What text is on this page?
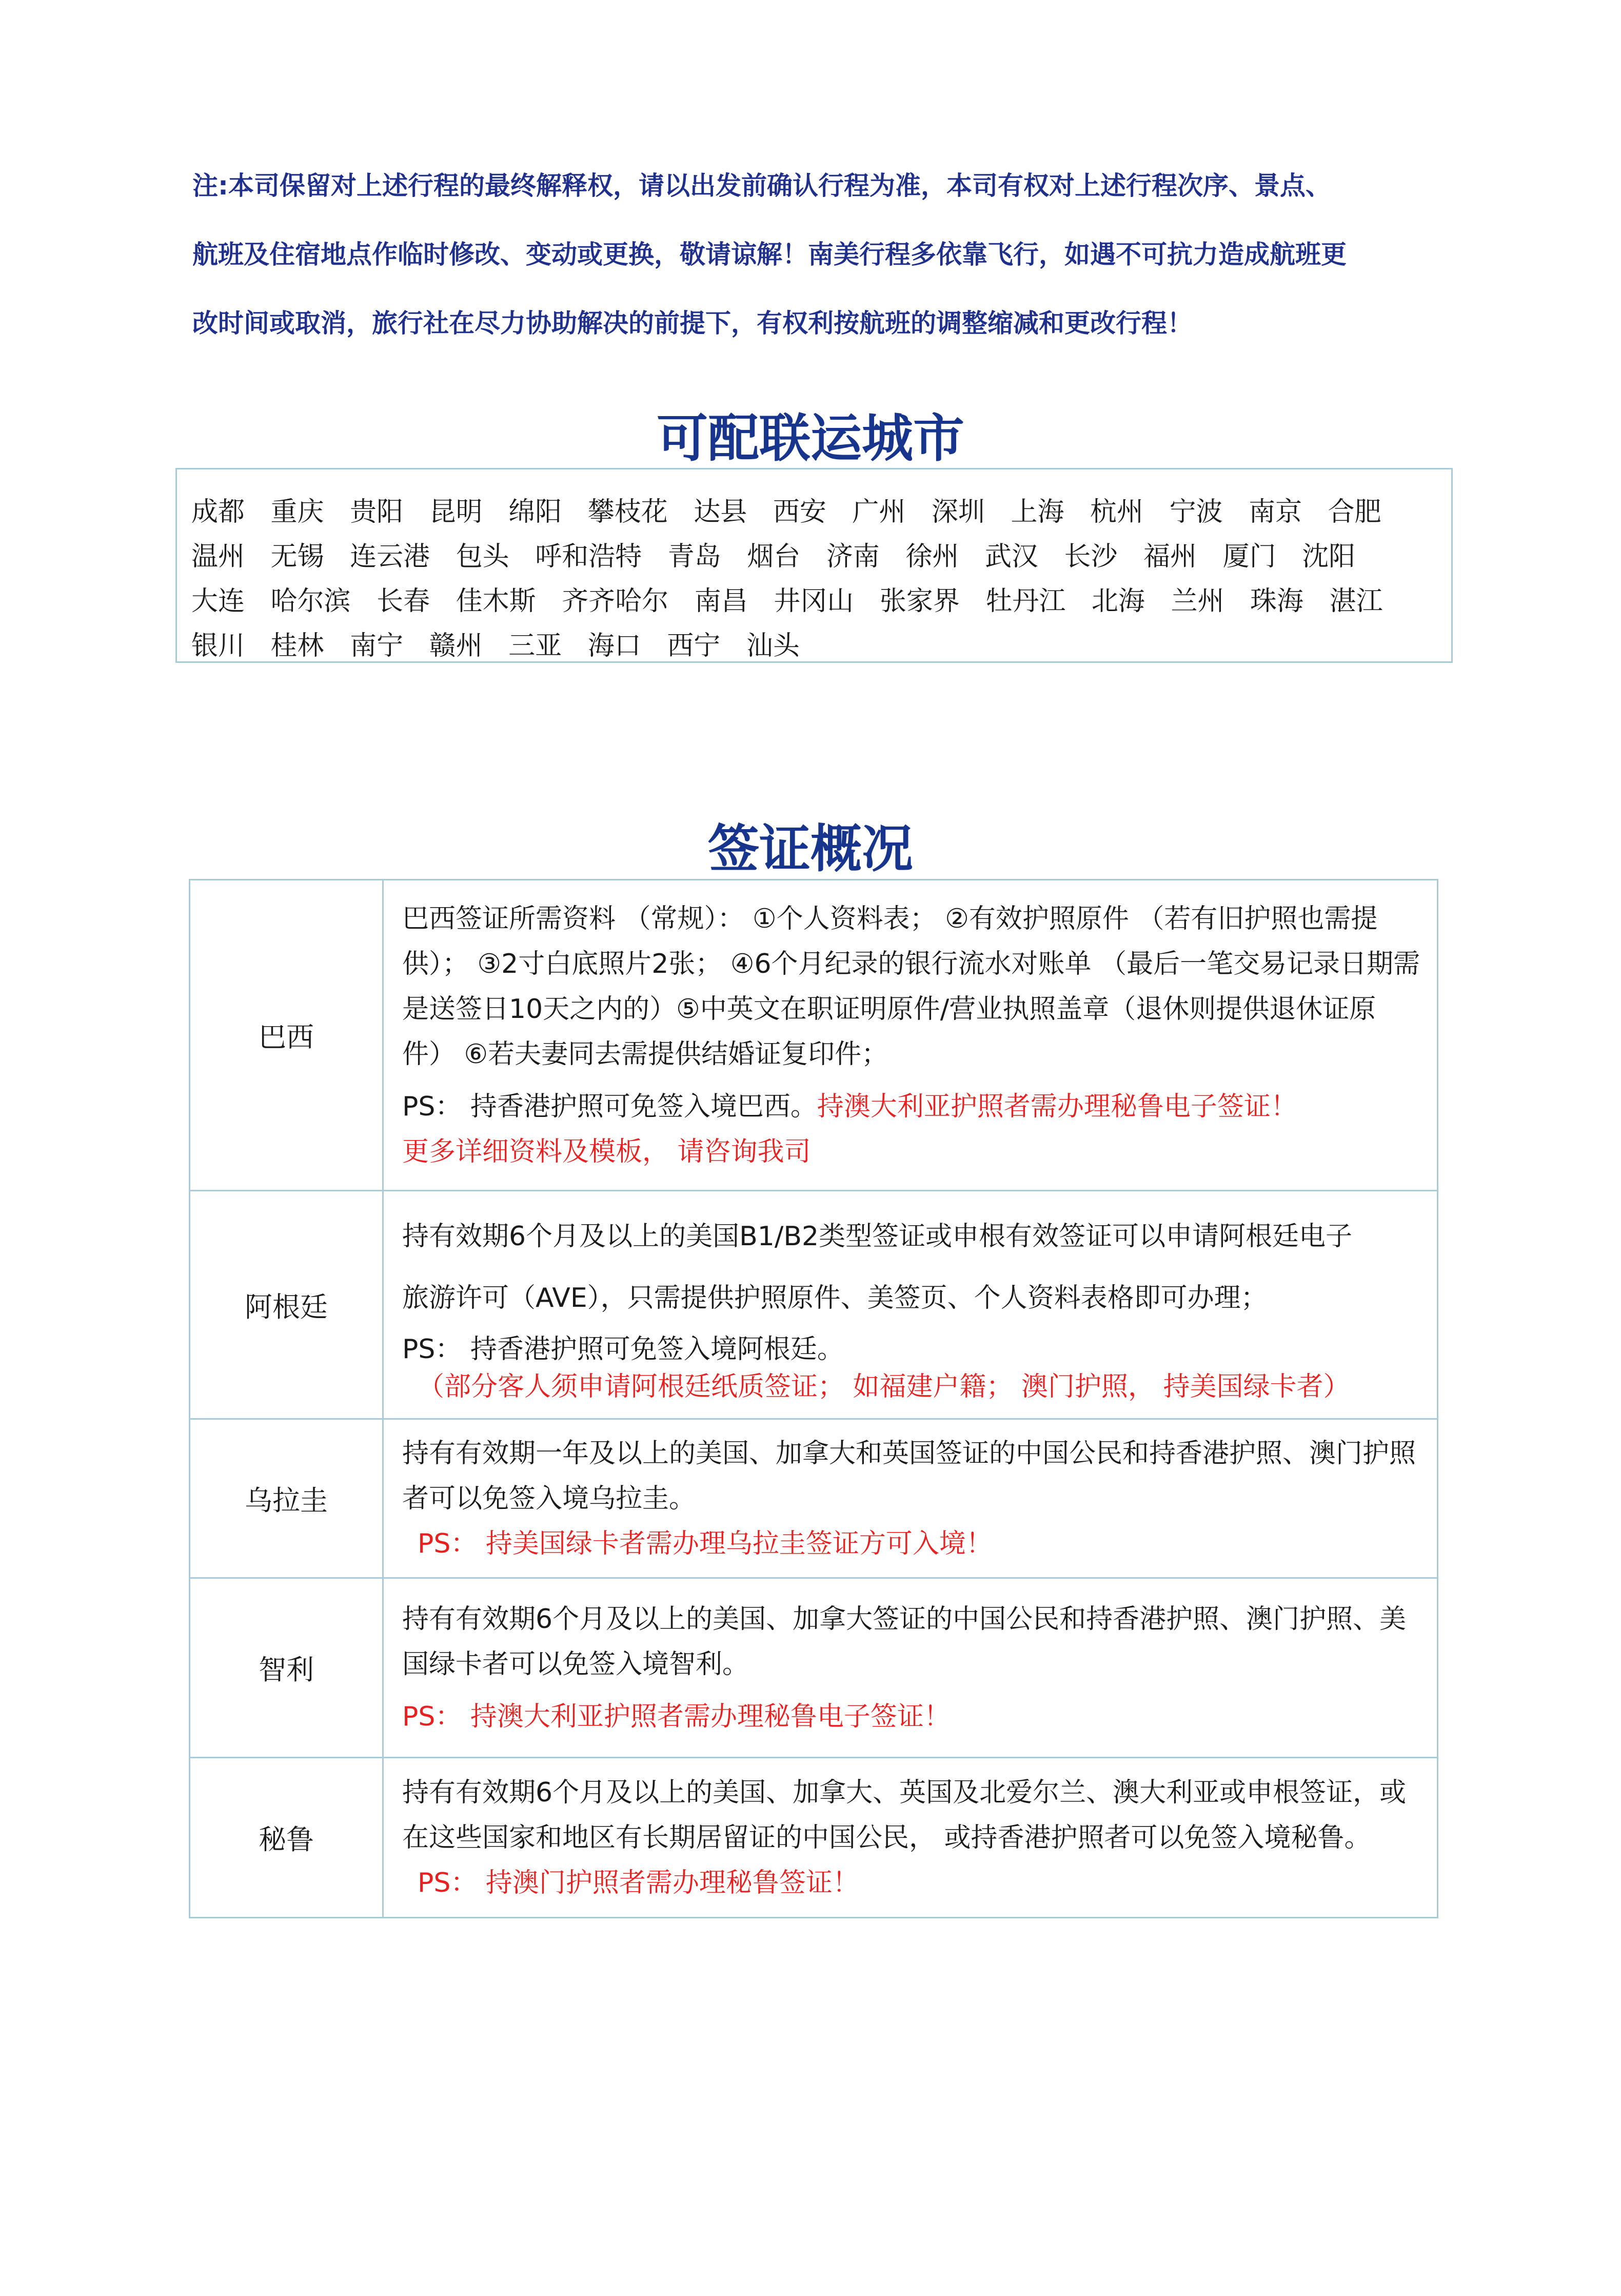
注:本司保留对上述行程的最终解释权，请以出发前确认行程为准，本司有权对上述行程次序、景点、
航班及住宿地点作临时修改、变动或更换，敬请谅解！南美行程多依靠飞行，如遇不可抗力造成航班更
改时间或取消，旅行社在尽力协助解决的前提下，有权利按航班的调整缩减和更改行程！
可配联运城市
成都 重庆 贵阳 昆明 绵阳 攀枝花 达县 西安 广州 深圳 上海 杭州 宁波 南京 合肥 温州 无锡 连云港 包头 呼和浩特 青岛 烟台 济南 徐州 武汉 长沙 福州 厦门 沈阳 大连 哈尔滨 长春 佳木斯 齐齐哈尔 南昌 井冈山 张家界 牡丹江 北海 兰州 珠海 湛江 银川 桂林 南宁 赣州 三亚 海口 西宁 汕头
签证概况
巴西	巴西签证所需资料 （常规）： ①个人资料表； ②有效护照原件 （若有旧护照也需提供）； ③2寸白底照片2张； ④6个月纪录的银行流水对账单 （最后一笔交易记录日期需是送签日10天之内的）⑤中英文在职证明原件/营业执照盖章（退休则提供退休证原件） ⑥若夫妻同去需提供结婚证复印件；
PS： 持香港护照可免签入境巴西。持澳大利亚护照者需办理秘鲁电子签证！
更多详细资料及模板， 请咨询我司

阿根廷	持有效期6个月及以上的美国B1/B2类型签证或申根有效签证可以申请阿根廷电子
旅游许可（AVE），只需提供护照原件、美签页、个人资料表格即可办理；
PS： 持香港护照可免签入境阿根廷。
（部分客人须申请阿根廷纸质签证； 如福建户籍； 澳门护照， 持美国绿卡者）

乌拉圭	持有有效期一年及以上的美国、加拿大和英国签证的中国公民和持香港护照、澳门护照者可以免签入境乌拉圭。
PS： 持美国绿卡者需办理乌拉圭签证方可入境！

智利	持有有效期6个月及以上的美国、加拿大签证的中国公民和持香港护照、澳门护照、美国绿卡者可以免签入境智利。
PS： 持澳大利亚护照者需办理秘鲁电子签证！

秘鲁	持有有效期6个月及以上的美国、加拿大、英国及北爱尔兰、澳大利亚或申根签证，或在这些国家和地区有长期居留证的中国公民， 或持香港护照者可以免签入境秘鲁。
PS： 持澳门护照者需办理秘鲁签证！
